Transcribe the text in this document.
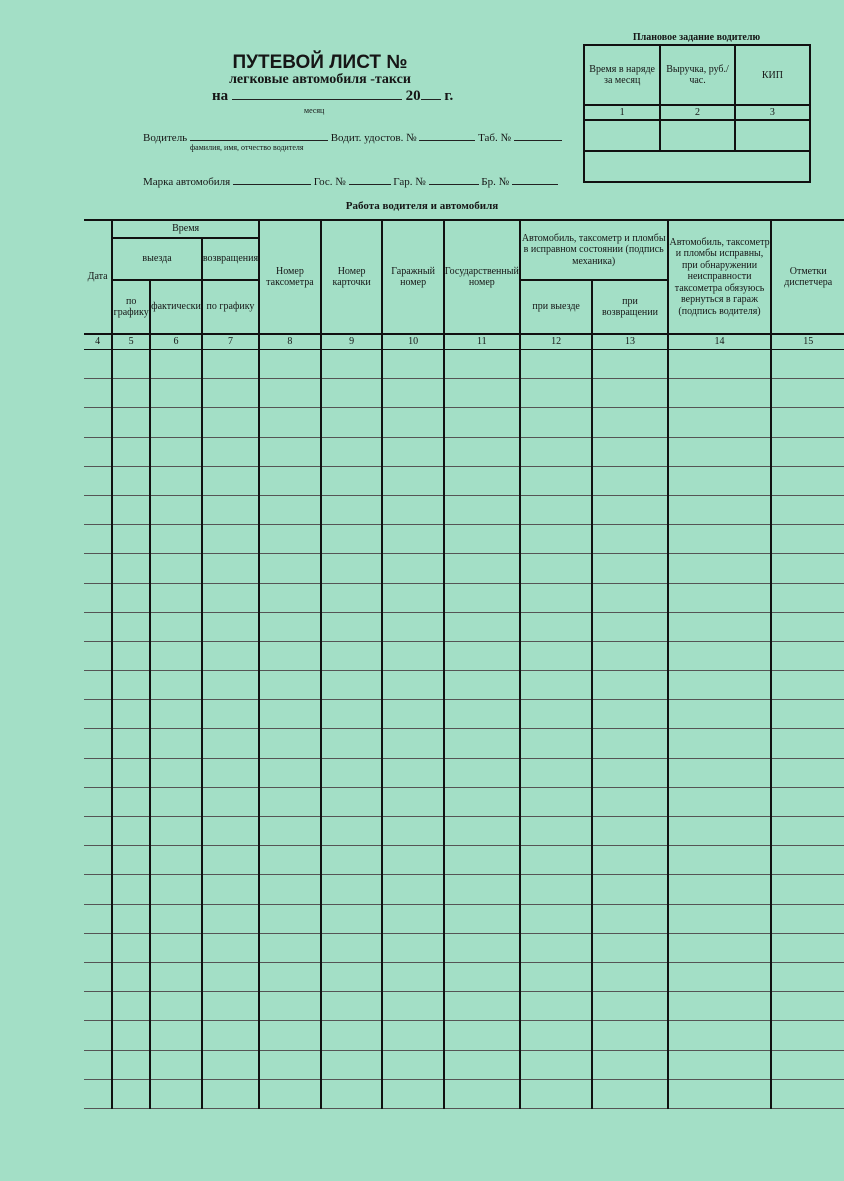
ПУТЕВОЙ ЛИСТ №
легковые автомобиля -такси
на	20 г.
месяц
Водитель	Водит. удостов. №	Таб. №
фамилия, имя, отчество водителя
Марка автомобиля	Гос. №	Гар. №	Бр. №
Плановое задание водителю
Время в наряде за месяц	Выручка, руб./час.	КИП
1	2	3

Работа водителя и автомобиля
Дата	Время			Номер таксометра	Номер карточки	Гаражный номер	Государственный номер	Автомобиль, таксометр и пломбы в исправном состоянии (подпись механика)		Автомобиль, таксометр и пломбы исправны, при обнаружении неисправности таксометра обязуюсь вернуться в гараж (подпись водителя)	Отметки диспетчера
	выезда		возвращения								
	по графику	фактически	по графику					при выезде	при возвращении		
4	5	6	7	8	9	10	11	12	13	14	15
